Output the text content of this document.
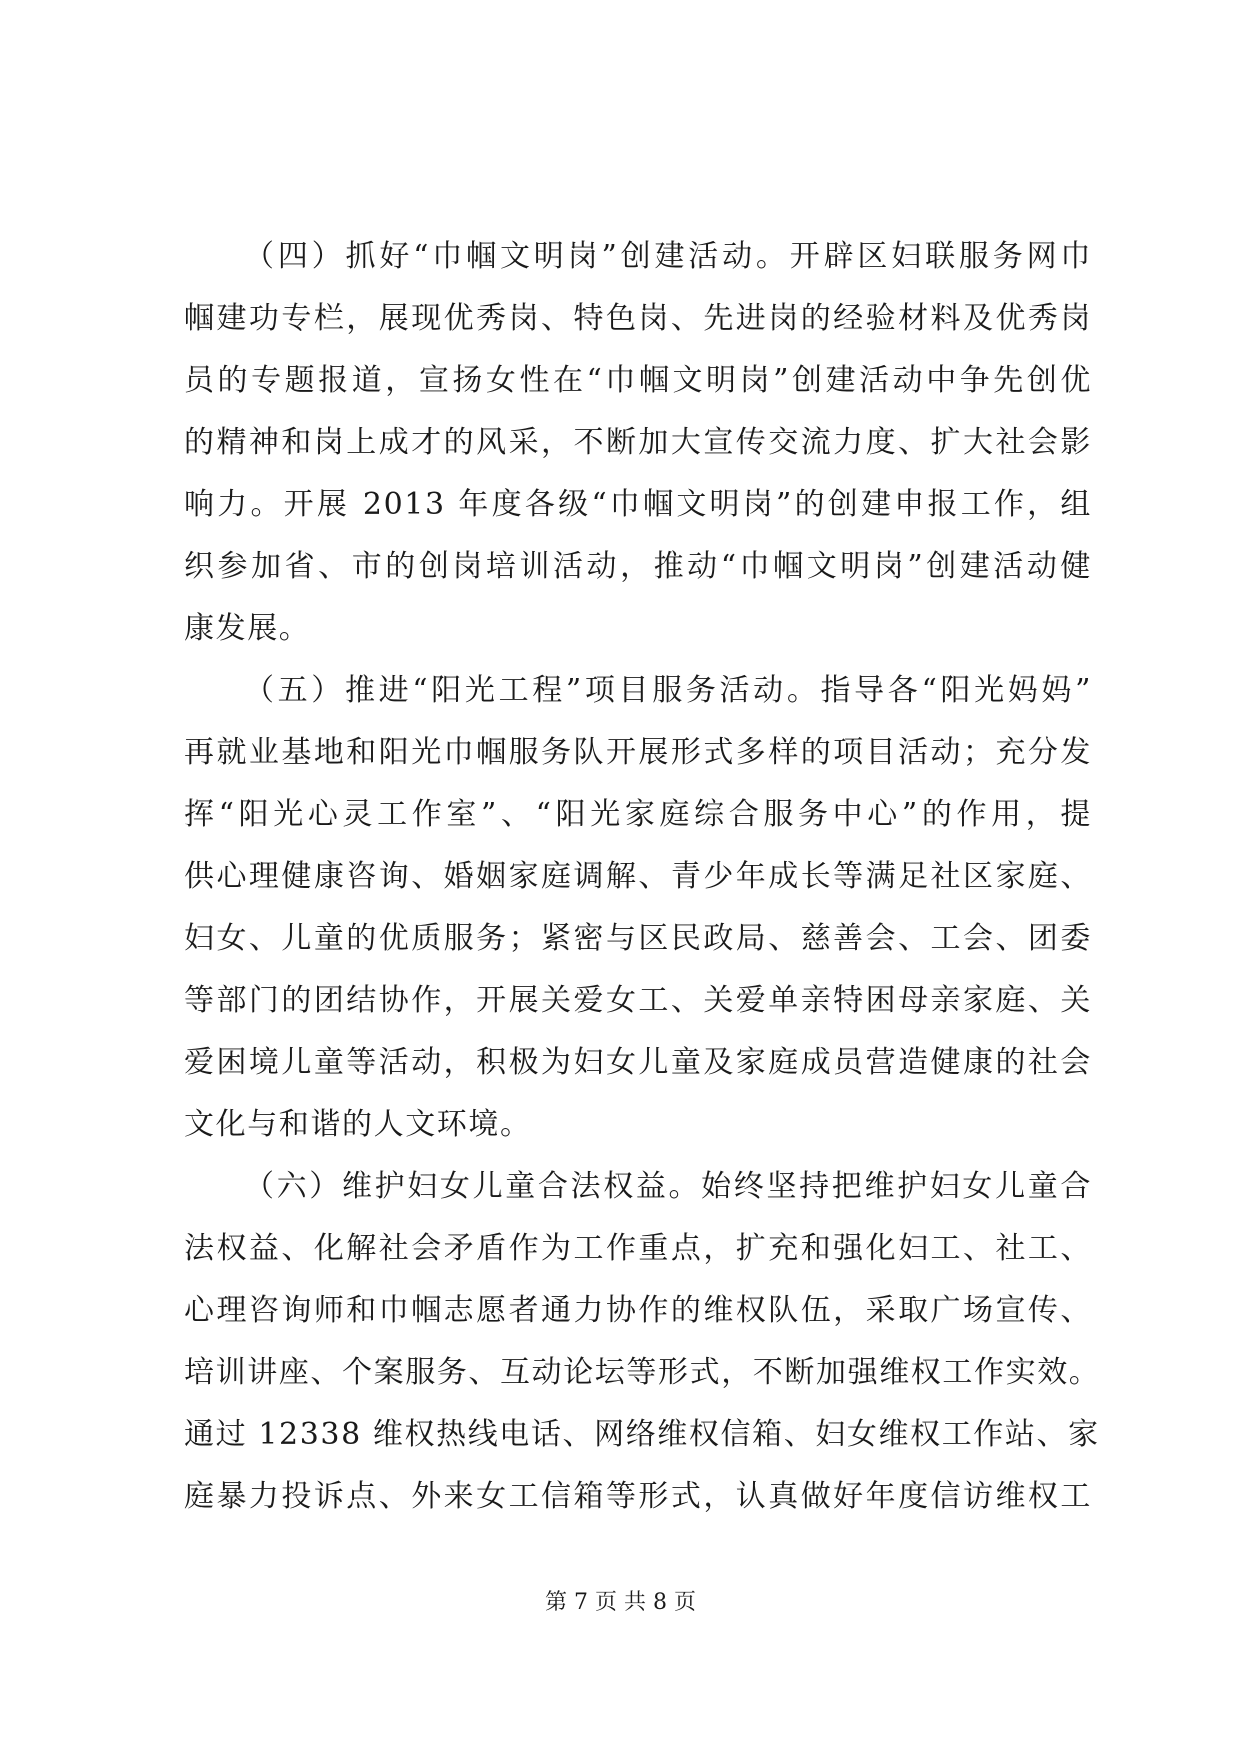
（四）抓好“巾帼文明岗”创建活动。开辟区妇联服务网巾
帼建功专栏，展现优秀岗、特色岗、先进岗的经验材料及优秀岗
员的专题报道，宣扬女性在“巾帼文明岗”创建活动中争先创优
的精神和岗上成才的风采，不断加大宣传交流力度、扩大社会影
响力。开展 2013 年度各级“巾帼文明岗”的创建申报工作，组
织参加省、市的创岗培训活动，推动“巾帼文明岗”创建活动健
康发展。
（五）推进“阳光工程”项目服务活动。指导各“阳光妈妈”
再就业基地和阳光巾帼服务队开展形式多样的项目活动；充分发
挥“阳光心灵工作室”、“阳光家庭综合服务中心”的作用，提
供心理健康咨询、婚姻家庭调解、青少年成长等满足社区家庭、
妇女、儿童的优质服务；紧密与区民政局、慈善会、工会、团委
等部门的团结协作，开展关爱女工、关爱单亲特困母亲家庭、关
爱困境儿童等活动，积极为妇女儿童及家庭成员营造健康的社会
文化与和谐的人文环境。
（六）维护妇女儿童合法权益。始终坚持把维护妇女儿童合
法权益、化解社会矛盾作为工作重点，扩充和强化妇工、社工、
心理咨询师和巾帼志愿者通力协作的维权队伍，采取广场宣传、
培训讲座、个案服务、互动论坛等形式，不断加强维权工作实效。
通过 12338 维权热线电话、网络维权信箱、妇女维权工作站、家
庭暴力投诉点、外来女工信箱等形式，认真做好年度信访维权工
第 7 页 共 8 页
